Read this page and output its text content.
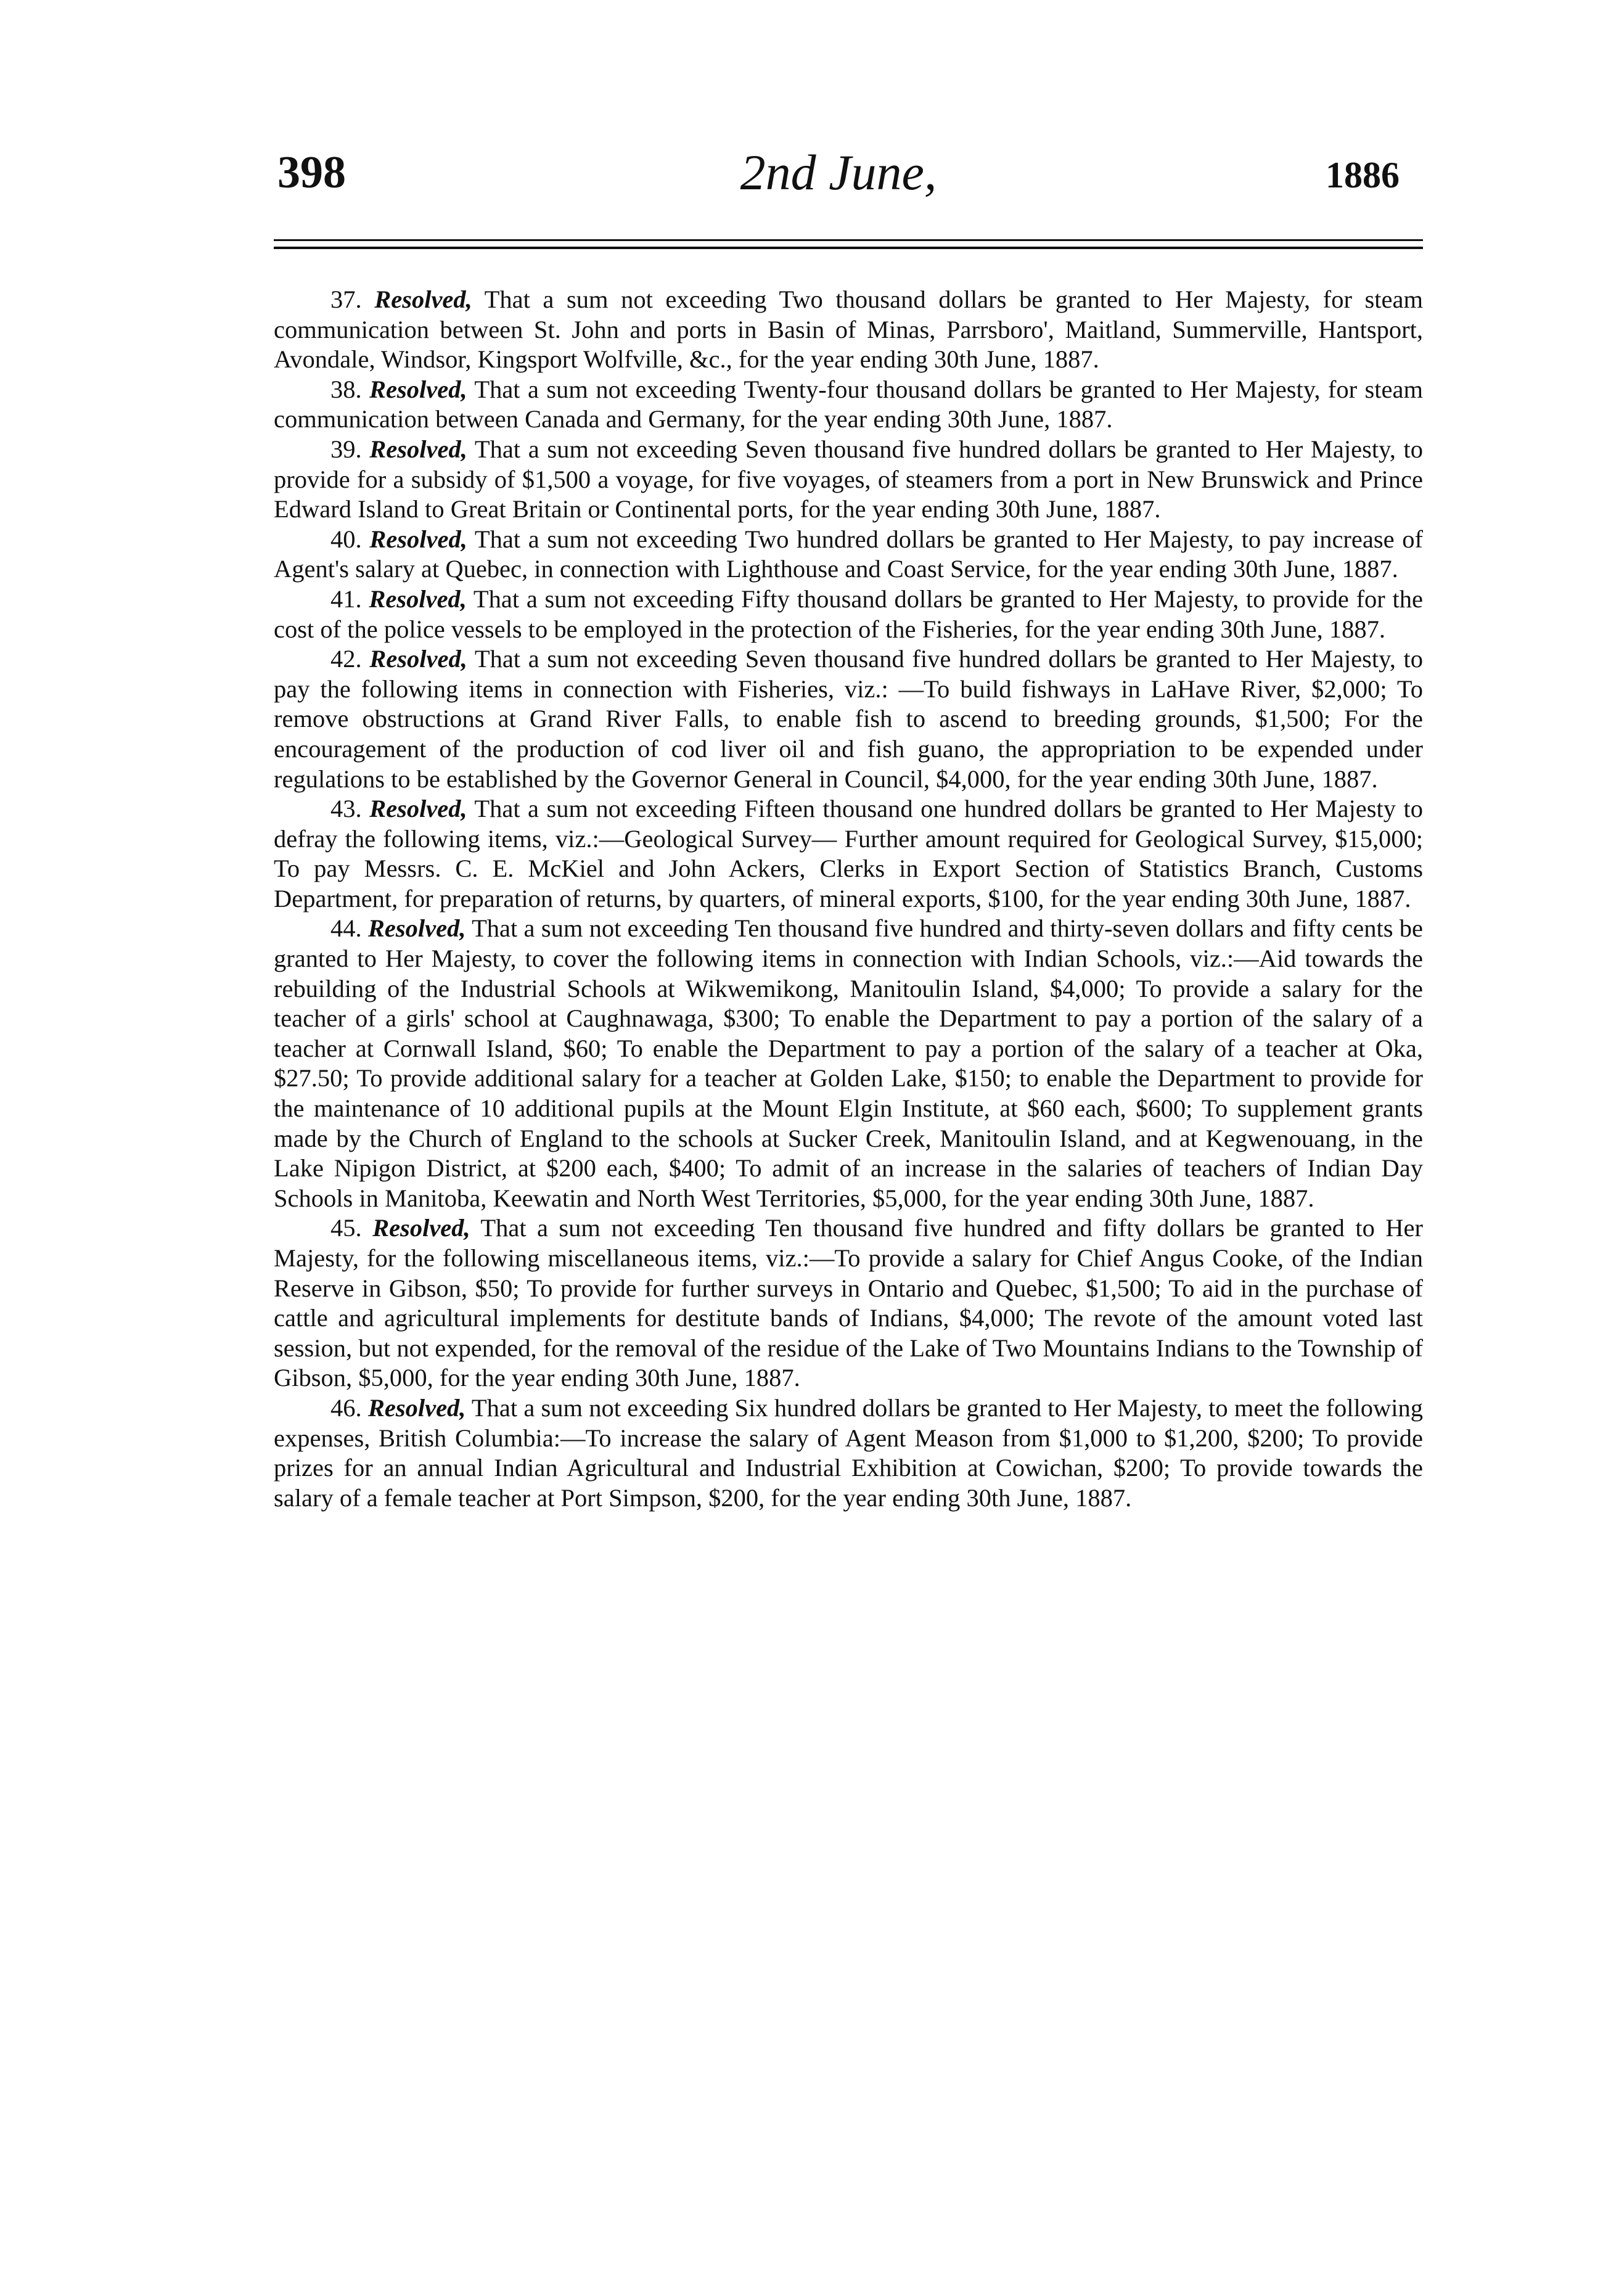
398	2nd June,	1886

37. Resolved, That a sum not exceeding Two thousand dollars be granted to Her Majesty, for steam communication between St. John and ports in Basin of Minas, Parrsboro', Maitland, Summerville, Hantsport, Avondale, Windsor, Kingsport Wolfville, &c., for the year ending 30th June, 1887.

38. Resolved, That a sum not exceeding Twenty-four thousand dollars be granted to Her Majesty, for steam communication between Canada and Germany, for the year ending 30th June, 1887.

39. Resolved, That a sum not exceeding Seven thousand five hundred dollars be granted to Her Majesty, to provide for a subsidy of $1,500 a voyage, for five voyages, of steamers from a port in New Brunswick and Prince Edward Island to Great Britain or Continental ports, for the year ending 30th June, 1887.

40. Resolved, That a sum not exceeding Two hundred dollars be granted to Her Majesty, to pay increase of Agent's salary at Quebec, in connection with Lighthouse and Coast Service, for the year ending 30th June, 1887.

41. Resolved, That a sum not exceeding Fifty thousand dollars be granted to Her Majesty, to provide for the cost of the police vessels to be employed in the protection of the Fisheries, for the year ending 30th June, 1887.

42. Resolved, That a sum not exceeding Seven thousand five hundred dollars be granted to Her Majesty, to pay the following items in connection with Fisheries, viz.: —To build fishways in LaHave River, $2,000; To remove obstructions at Grand River Falls, to enable fish to ascend to breeding grounds, $1,500; For the encouragement of the production of cod liver oil and fish guano, the appropriation to be expended under regulations to be established by the Governor General in Council, $4,000, for the year ending 30th June, 1887.

43. Resolved, That a sum not exceeding Fifteen thousand one hundred dollars be granted to Her Majesty to defray the following items, viz.:—Geological Survey— Further amount required for Geological Survey, $15,000; To pay Messrs. C. E. McKiel and John Ackers, Clerks in Export Section of Statistics Branch, Customs Department, for preparation of returns, by quarters, of mineral exports, $100, for the year ending 30th June, 1887.

44. Resolved, That a sum not exceeding Ten thousand five hundred and thirty-seven dollars and fifty cents be granted to Her Majesty, to cover the following items in connection with Indian Schools, viz.:—Aid towards the rebuilding of the Industrial Schools at Wikwemikong, Manitoulin Island, $4,000; To provide a salary for the teacher of a girls' school at Caughnawaga, $300; To enable the Department to pay a portion of the salary of a teacher at Cornwall Island, $60; To enable the Department to pay a portion of the salary of a teacher at Oka, $27.50; To provide additional salary for a teacher at Golden Lake, $150; to enable the Department to provide for the maintenance of 10 additional pupils at the Mount Elgin Institute, at $60 each, $600; To supplement grants made by the Church of England to the schools at Sucker Creek, Manitoulin Island, and at Kegwenouang, in the Lake Nipigon District, at $200 each, $400; To admit of an increase in the salaries of teachers of Indian Day Schools in Manitoba, Keewatin and North West Territories, $5,000, for the year ending 30th June, 1887.

45. Resolved, That a sum not exceeding Ten thousand five hundred and fifty dollars be granted to Her Majesty, for the following miscellaneous items, viz.:—To provide a salary for Chief Angus Cooke, of the Indian Reserve in Gibson, $50; To provide for further surveys in Ontario and Quebec, $1,500; To aid in the purchase of cattle and agricultural implements for destitute bands of Indians, $4,000; The revote of the amount voted last session, but not expended, for the removal of the residue of the Lake of Two Mountains Indians to the Township of Gibson, $5,000, for the year ending 30th June, 1887.

46. Resolved, That a sum not exceeding Six hundred dollars be granted to Her Majesty, to meet the following expenses, British Columbia:—To increase the salary of Agent Meason from $1,000 to $1,200, $200; To provide prizes for an annual Indian Agricultural and Industrial Exhibition at Cowichan, $200; To provide towards the salary of a female teacher at Port Simpson, $200, for the year ending 30th June, 1887.
